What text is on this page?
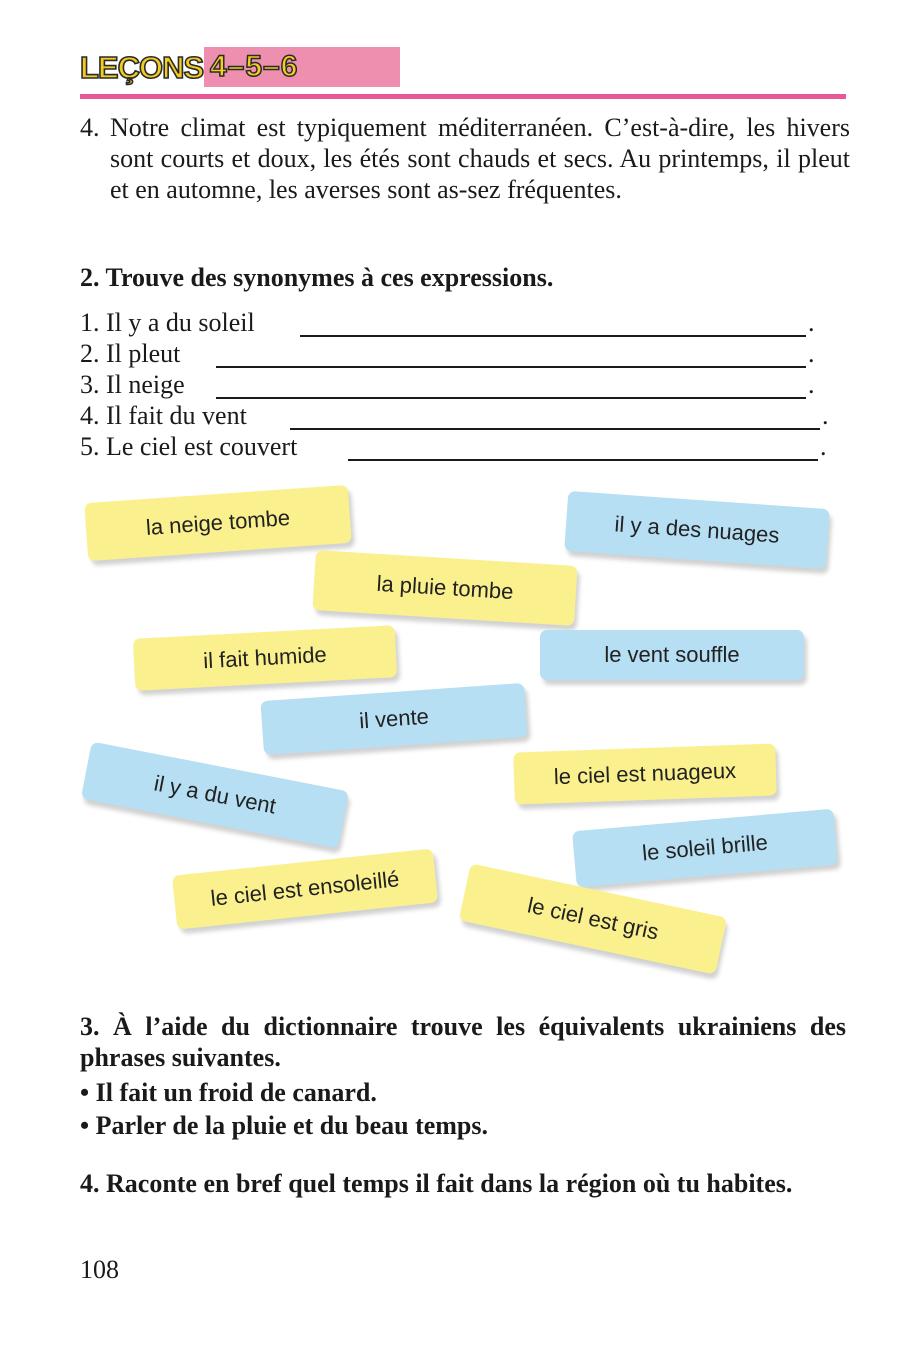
LEÇONS 4–5–6
4. Notre climat est typiquement méditerranéen. C’est-à-dire, les hivers sont courts et doux, les étés sont chauds et secs. Au printemps, il pleut et en automne, les averses sont as-sez fréquentes.
2. Trouve des synonymes à ces expressions.
1. Il y a du soleil	.
2. Il pleut	.
3. Il neige	.
4. Il fait du vent	.
5. Le ciel est couvert	.
la neige tombe	il y a des nuages
la pluie tombe
il fait humide	le vent souffle
il vente
il y a du vent	le ciel est nuageux
le soleil brille
le ciel est ensoleillé
le ciel est gris
3. À l’aide du dictionnaire trouve les équivalents ukrainiens des phrases suivantes.
• Il fait un froid de canard.
• Parler de la pluie et du beau temps.
4. Raconte en bref quel temps il fait dans la région où tu habites.
108
